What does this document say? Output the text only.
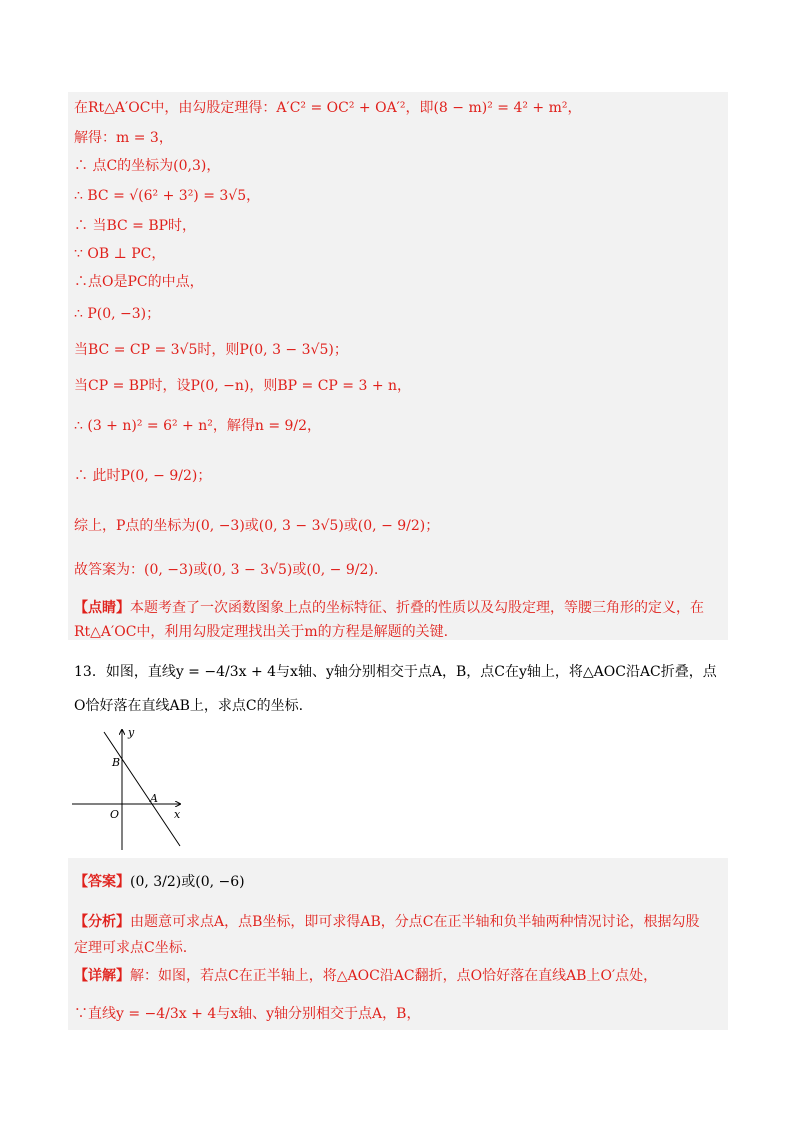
在Rt△A′OC中，由勾股定理得：A′C² = OC² + OA′²，即(8 − m)² = 4² + m²，
解得：m = 3，
∴ 点C的坐标为(0,3)，
∴ BC = √(6² + 3²) = 3√5，
∴ 当BC = BP时，
∵ OB ⊥ PC，
∴点O是PC的中点，
∴ P(0, −3)；
当BC = CP = 3√5时，则P(0, 3 − 3√5)；
当CP = BP时，设P(0, −n)，则BP = CP = 3 + n，
∴ (3 + n)² = 6² + n²，解得n = 9/2，
∴ 此时P(0, − 9/2)；
综上，P点的坐标为(0, −3)或(0, 3 − 3√5)或(0, − 9/2)；
故答案为：(0, −3)或(0, 3 − 3√5)或(0, − 9/2).
【点睛】本题考查了一次函数图象上点的坐标特征、折叠的性质以及勾股定理，等腰三角形的定义，在
Rt△A′OC中，利用勾股定理找出关于m的方程是解题的关键.
13．如图，直线y = −4/3x + 4与x轴、y轴分别相交于点A，B，点C在y轴上，将△AOC沿AC折叠，点
O恰好落在直线AB上，求点C的坐标.
y
B
A
O	x
【答案】(0, 3/2)或(0, −6)
【分析】由题意可求点A，点B坐标，即可求得AB，分点C在正半轴和负半轴两种情况讨论，根据勾股
定理可求点C坐标.
【详解】解：如图，若点C在正半轴上，将△AOC沿AC翻折，点O恰好落在直线AB上O′点处，
∵直线y = −4/3x + 4与x轴、y轴分别相交于点A，B，
